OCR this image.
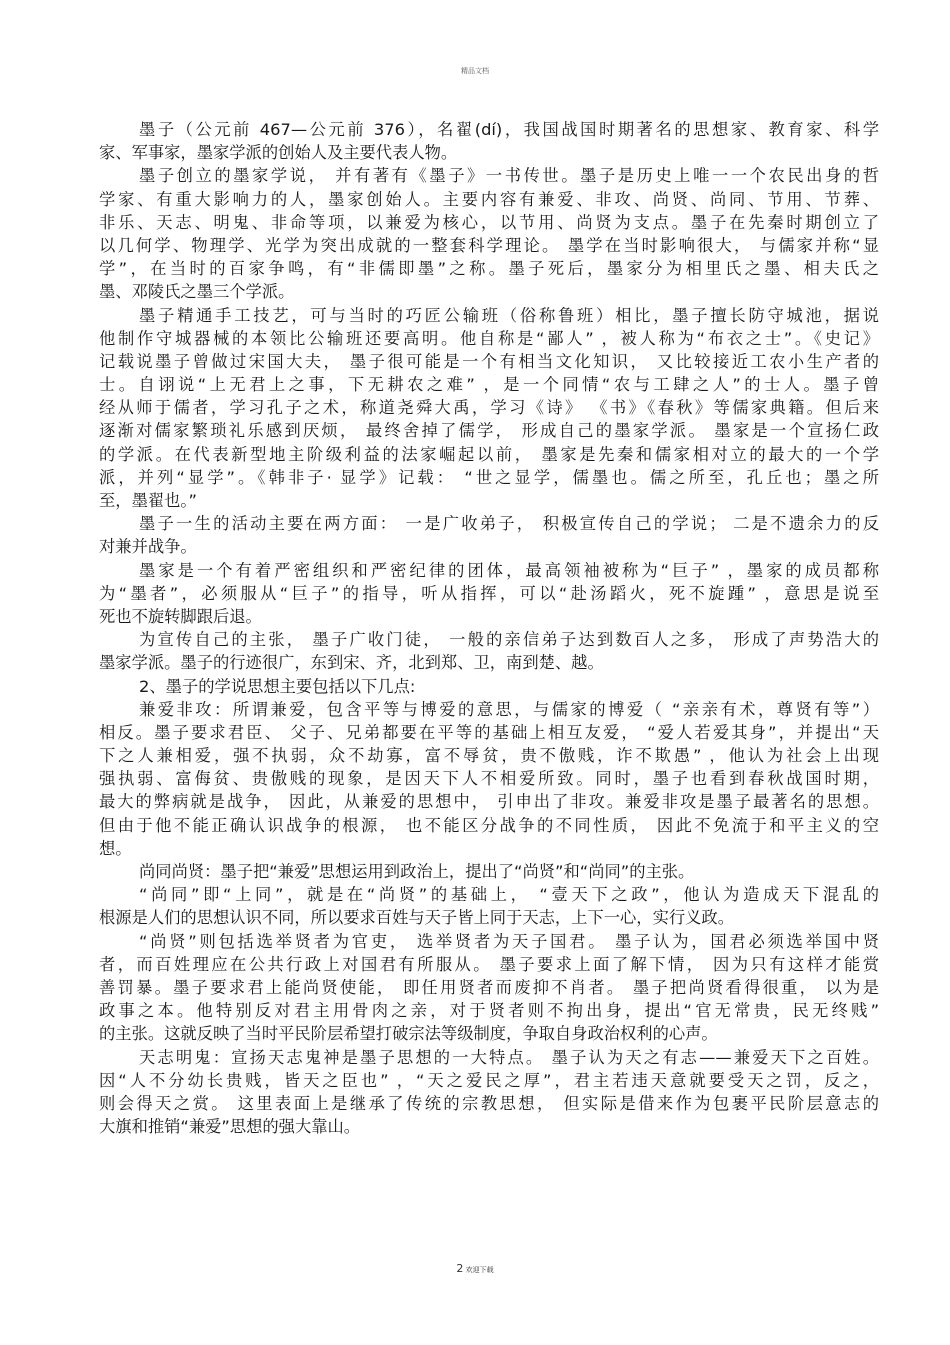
精品文档
墨子（公元前 467—公元前 376），名翟(dí)，我国战国时期著名的思想家、教育家、科学
家、军事家，墨家学派的创始人及主要代表人物。
墨子创立的墨家学说， 并有著有《墨子》一书传世。墨子是历史上唯一一个农民出身的哲
学家、有重大影响力的人，墨家创始人。主要内容有兼爱、非攻、尚贤、尚同、节用、节葬、
非乐、天志、明鬼、非命等项，以兼爱为核心，以节用、尚贤为支点。墨子在先秦时期创立了
以几何学、物理学、光学为突出成就的一整套科学理论。 墨学在当时影响很大， 与儒家并称“显
学”，在当时的百家争鸣，有“非儒即墨”之称。墨子死后，墨家分为相里氏之墨、相夫氏之
墨、邓陵氏之墨三个学派。
墨子精通手工技艺，可与当时的巧匠公输班（俗称鲁班）相比，墨子擅长防守城池，据说
他制作守城器械的本领比公输班还要高明。他自称是“鄙人” ，被人称为“布衣之士”。《史记》
记载说墨子曾做过宋国大夫， 墨子很可能是一个有相当文化知识， 又比较接近工农小生产者的
士。自诩说“上无君上之事，下无耕农之难” ，是一个同情“农与工肆之人”的士人。墨子曾
经从师于儒者，学习孔子之术，称道尧舜大禹，学习《诗》 《书》《春秋》等儒家典籍。但后来
逐渐对儒家繁琐礼乐感到厌烦， 最终舍掉了儒学， 形成自己的墨家学派。 墨家是一个宣扬仁政
的学派。在代表新型地主阶级利益的法家崛起以前， 墨家是先秦和儒家相对立的最大的一个学
派，并列“显学”。《韩非子· 显学》记载： “世之显学，儒墨也。儒之所至，孔丘也；墨之所
至，墨翟也。”
墨子一生的活动主要在两方面： 一是广收弟子， 积极宣传自己的学说； 二是不遗余力的反
对兼并战争。
墨家是一个有着严密组织和严密纪律的团体，最高领袖被称为“巨子” ，墨家的成员都称
为“墨者”，必须服从“巨子”的指导，听从指挥，可以“赴汤蹈火，死不旋踵” ，意思是说至
死也不旋转脚跟后退。
为宣传自己的主张， 墨子广收门徒， 一般的亲信弟子达到数百人之多， 形成了声势浩大的
墨家学派。墨子的行迹很广，东到宋、齐，北到郑、卫，南到楚、越。
2、墨子的学说思想主要包括以下几点:
兼爱非攻：所谓兼爱，包含平等与博爱的意思，与儒家的博爱（ “亲亲有术，尊贤有等”）
相反。墨子要求君臣、 父子、兄弟都要在平等的基础上相互友爱， “爱人若爱其身”，并提出“天
下之人兼相爱，强不执弱，众不劫寡，富不辱贫，贵不傲贱，诈不欺愚” ，他认为社会上出现
强执弱、富侮贫、贵傲贱的现象，是因天下人不相爱所致。同时，墨子也看到春秋战国时期，
最大的弊病就是战争， 因此，从兼爱的思想中， 引申出了非攻。兼爱非攻是墨子最著名的思想。
但由于他不能正确认识战争的根源， 也不能区分战争的不同性质， 因此不免流于和平主义的空
想。
尚同尚贤：墨子把“兼爱”思想运用到政治上，提出了“尚贤”和“尚同”的主张。
“尚同”即“上同”，就是在“尚贤”的基础上， “壹天下之政”，他认为造成天下混乱的
根源是人们的思想认识不同，所以要求百姓与天子皆上同于天志，上下一心，实行义政。
“尚贤”则包括选举贤者为官吏， 选举贤者为天子国君。 墨子认为，国君必须选举国中贤
者，而百姓理应在公共行政上对国君有所服从。 墨子要求上面了解下情， 因为只有这样才能赏
善罚暴。墨子要求君上能尚贤使能， 即任用贤者而废抑不肖者。 墨子把尚贤看得很重， 以为是
政事之本。他特别反对君主用骨肉之亲，对于贤者则不拘出身，提出“官无常贵，民无终贱”
的主张。这就反映了当时平民阶层希望打破宗法等级制度，争取自身政治权利的心声。
天志明鬼：宣扬天志鬼神是墨子思想的一大特点。 墨子认为天之有志——兼爱天下之百姓。
因“人不分幼长贵贱，皆天之臣也” ，“天之爱民之厚”，君主若违天意就要受天之罚，反之，
则会得天之赏。 这里表面上是继承了传统的宗教思想， 但实际是借来作为包裹平民阶层意志的
大旗和推销“兼爱”思想的强大靠山。
2 欢迎下载
